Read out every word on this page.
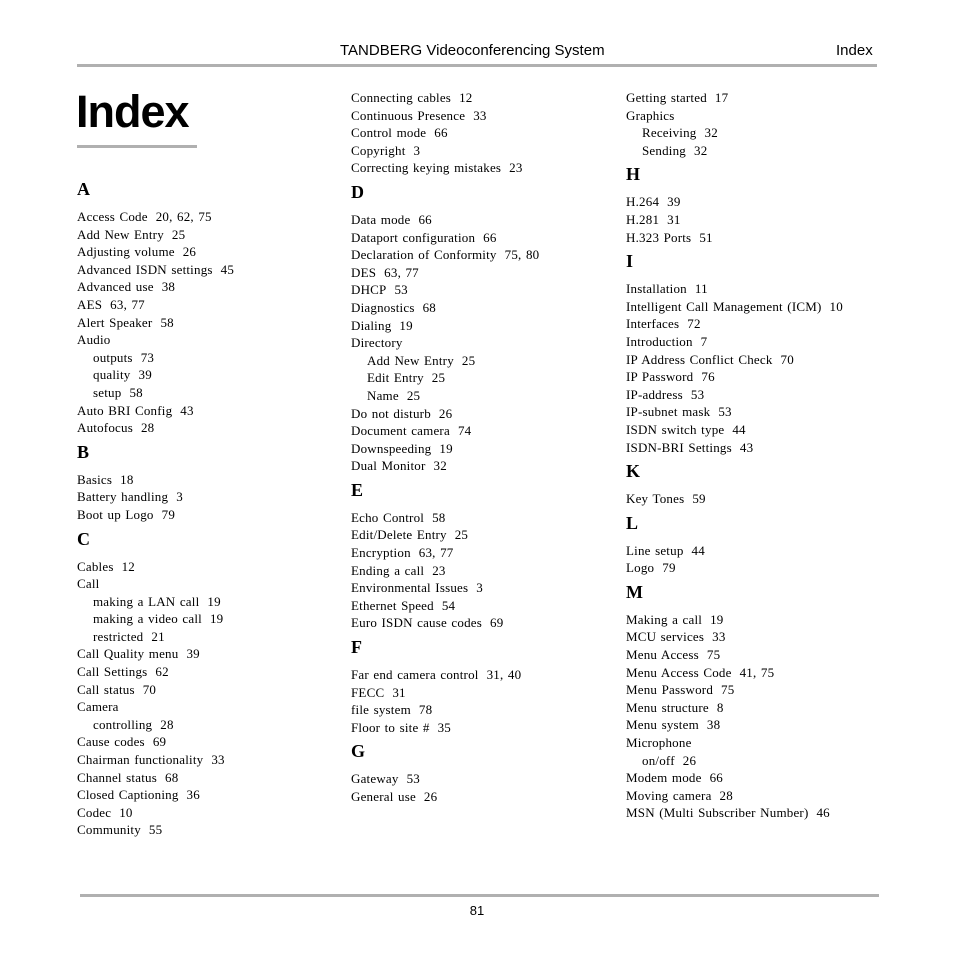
TANDBERG Videoconferencing System	Index
Index
A
Access Code 20, 62, 75
Add New Entry 25
Adjusting volume 26
Advanced ISDN settings 45
Advanced use 38
AES 63, 77
Alert Speaker 58
Audio
outputs 73
quality 39
setup 58
Auto BRI Config 43
Autofocus 28
B
Basics 18
Battery handling 3
Boot up Logo 79
C
Cables 12
Call
making a LAN call 19
making a video call 19
restricted 21
Call Quality menu 39
Call Settings 62
Call status 70
Camera
controlling 28
Cause codes 69
Chairman functionality 33
Channel status 68
Closed Captioning 36
Codec 10
Community 55
Connecting cables 12
Continuous Presence 33
Control mode 66
Copyright 3
Correcting keying mistakes 23
D
Data mode 66
Dataport configuration 66
Declaration of Conformity 75, 80
DES 63, 77
DHCP 53
Diagnostics 68
Dialing 19
Directory
Add New Entry 25
Edit Entry 25
Name 25
Do not disturb 26
Document camera 74
Downspeeding 19
Dual Monitor 32
E
Echo Control 58
Edit/Delete Entry 25
Encryption 63, 77
Ending a call 23
Environmental Issues 3
Ethernet Speed 54
Euro ISDN cause codes 69
F
Far end camera control 31, 40
FECC 31
file system 78
Floor to site # 35
G
Gateway 53
General use 26
Getting started 17
Graphics
Receiving 32
Sending 32
H
H.264 39
H.281 31
H.323 Ports 51
I
Installation 11
Intelligent Call Management (ICM) 10
Interfaces 72
Introduction 7
IP Address Conflict Check 70
IP Password 76
IP-address 53
IP-subnet mask 53
ISDN switch type 44
ISDN-BRI Settings 43
K
Key Tones 59
L
Line setup 44
Logo 79
M
Making a call 19
MCU services 33
Menu Access 75
Menu Access Code 41, 75
Menu Password 75
Menu structure 8
Menu system 38
Microphone
on/off 26
Modem mode 66
Moving camera 28
MSN (Multi Subscriber Number) 46
81
